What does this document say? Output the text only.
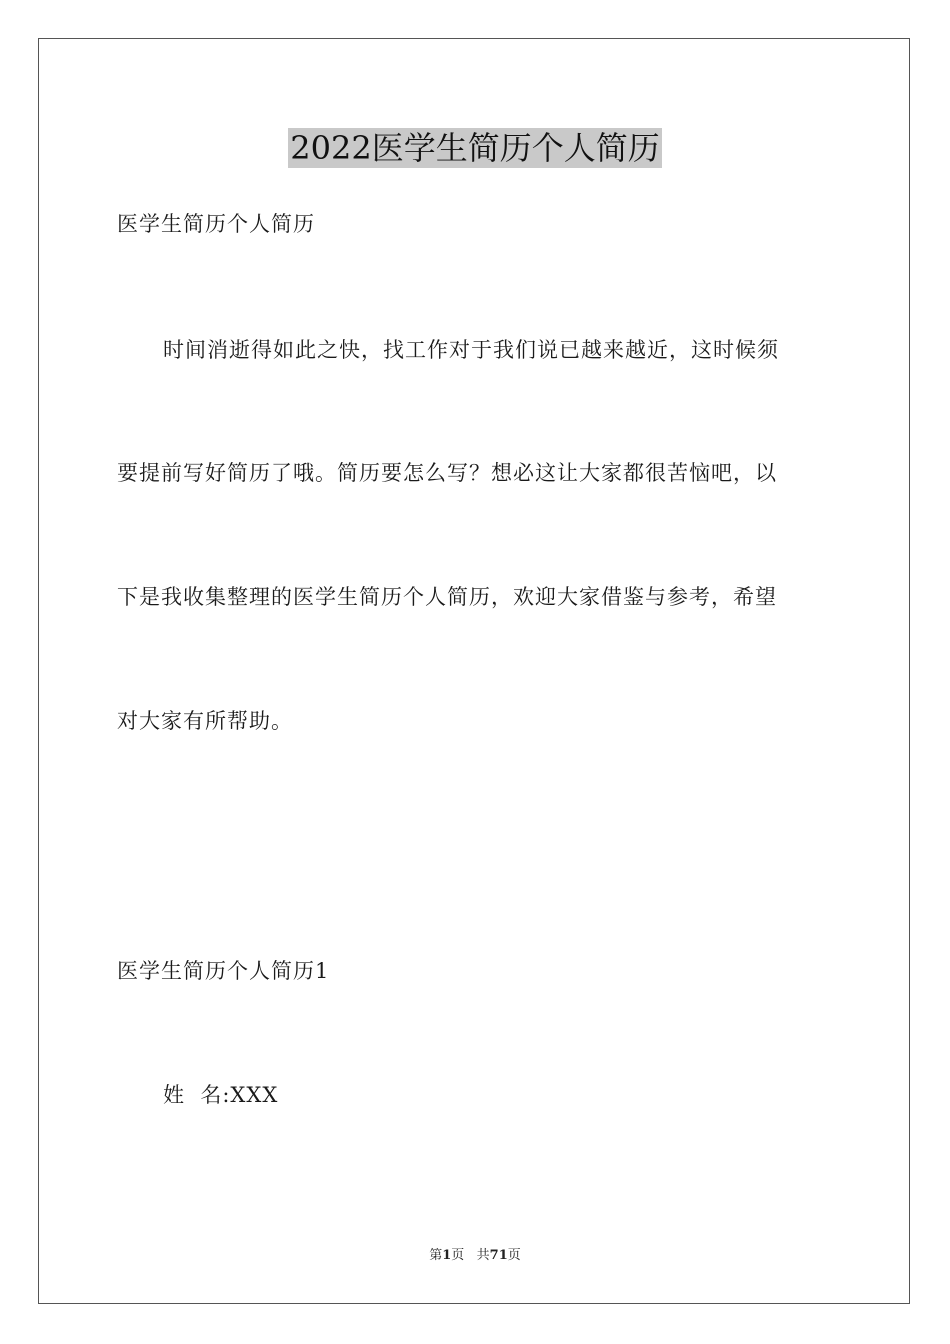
2022医学生简历个人简历
医学生简历个人简历
时间消逝得如此之快，找工作对于我们说已越来越近，这时候须
要提前写好简历了哦。简历要怎么写？想必这让大家都很苦恼吧，以
下是我收集整理的医学生简历个人简历，欢迎大家借鉴与参考，希望
对大家有所帮助。
医学生简历个人简历1
姓  名:XXX
第1页   共71页
